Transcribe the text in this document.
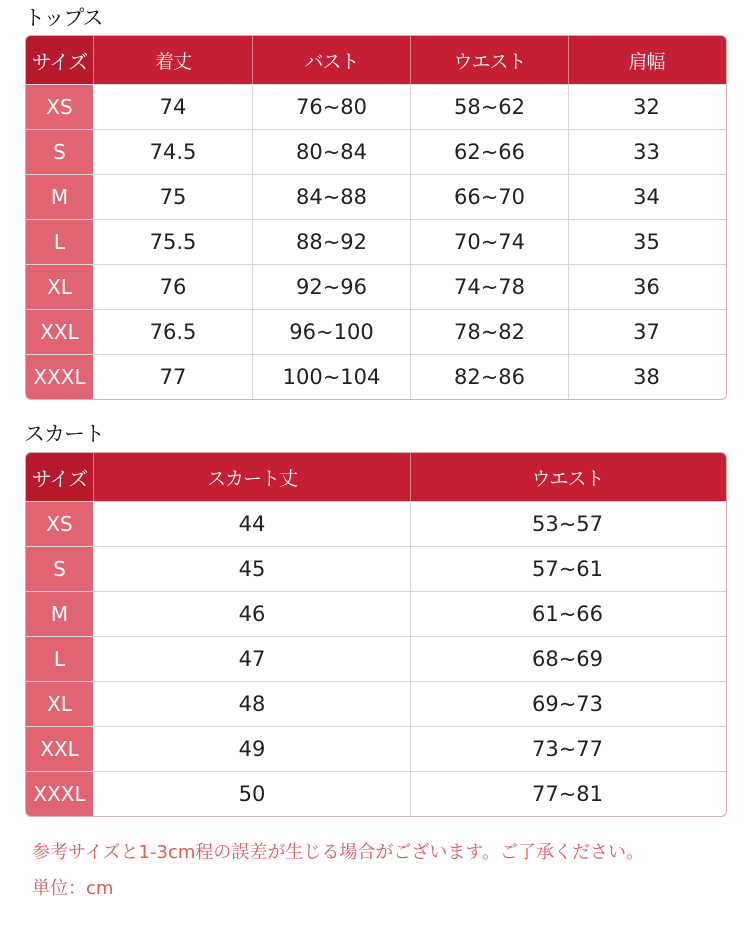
トップス
サイズ	着丈	バスト	ウエスト	肩幅
XS	74	76~80	58~62	32
S	74.5	80~84	62~66	33
M	75	84~88	66~70	34
L	75.5	88~92	70~74	35
XL	76	92~96	74~78	36
XXL	76.5	96~100	78~82	37
XXXL	77	100~104	82~86	38
スカート
サイズ	スカート丈	ウエスト
XS	44	53~57
S	45	57~61
M	46	61~66
L	47	68~69
XL	48	69~73
XXL	49	73~77
XXXL	50	77~81
参考サイズと1-3cm程の誤差が生じる場合がございます。ご了承ください。
単位：cm
